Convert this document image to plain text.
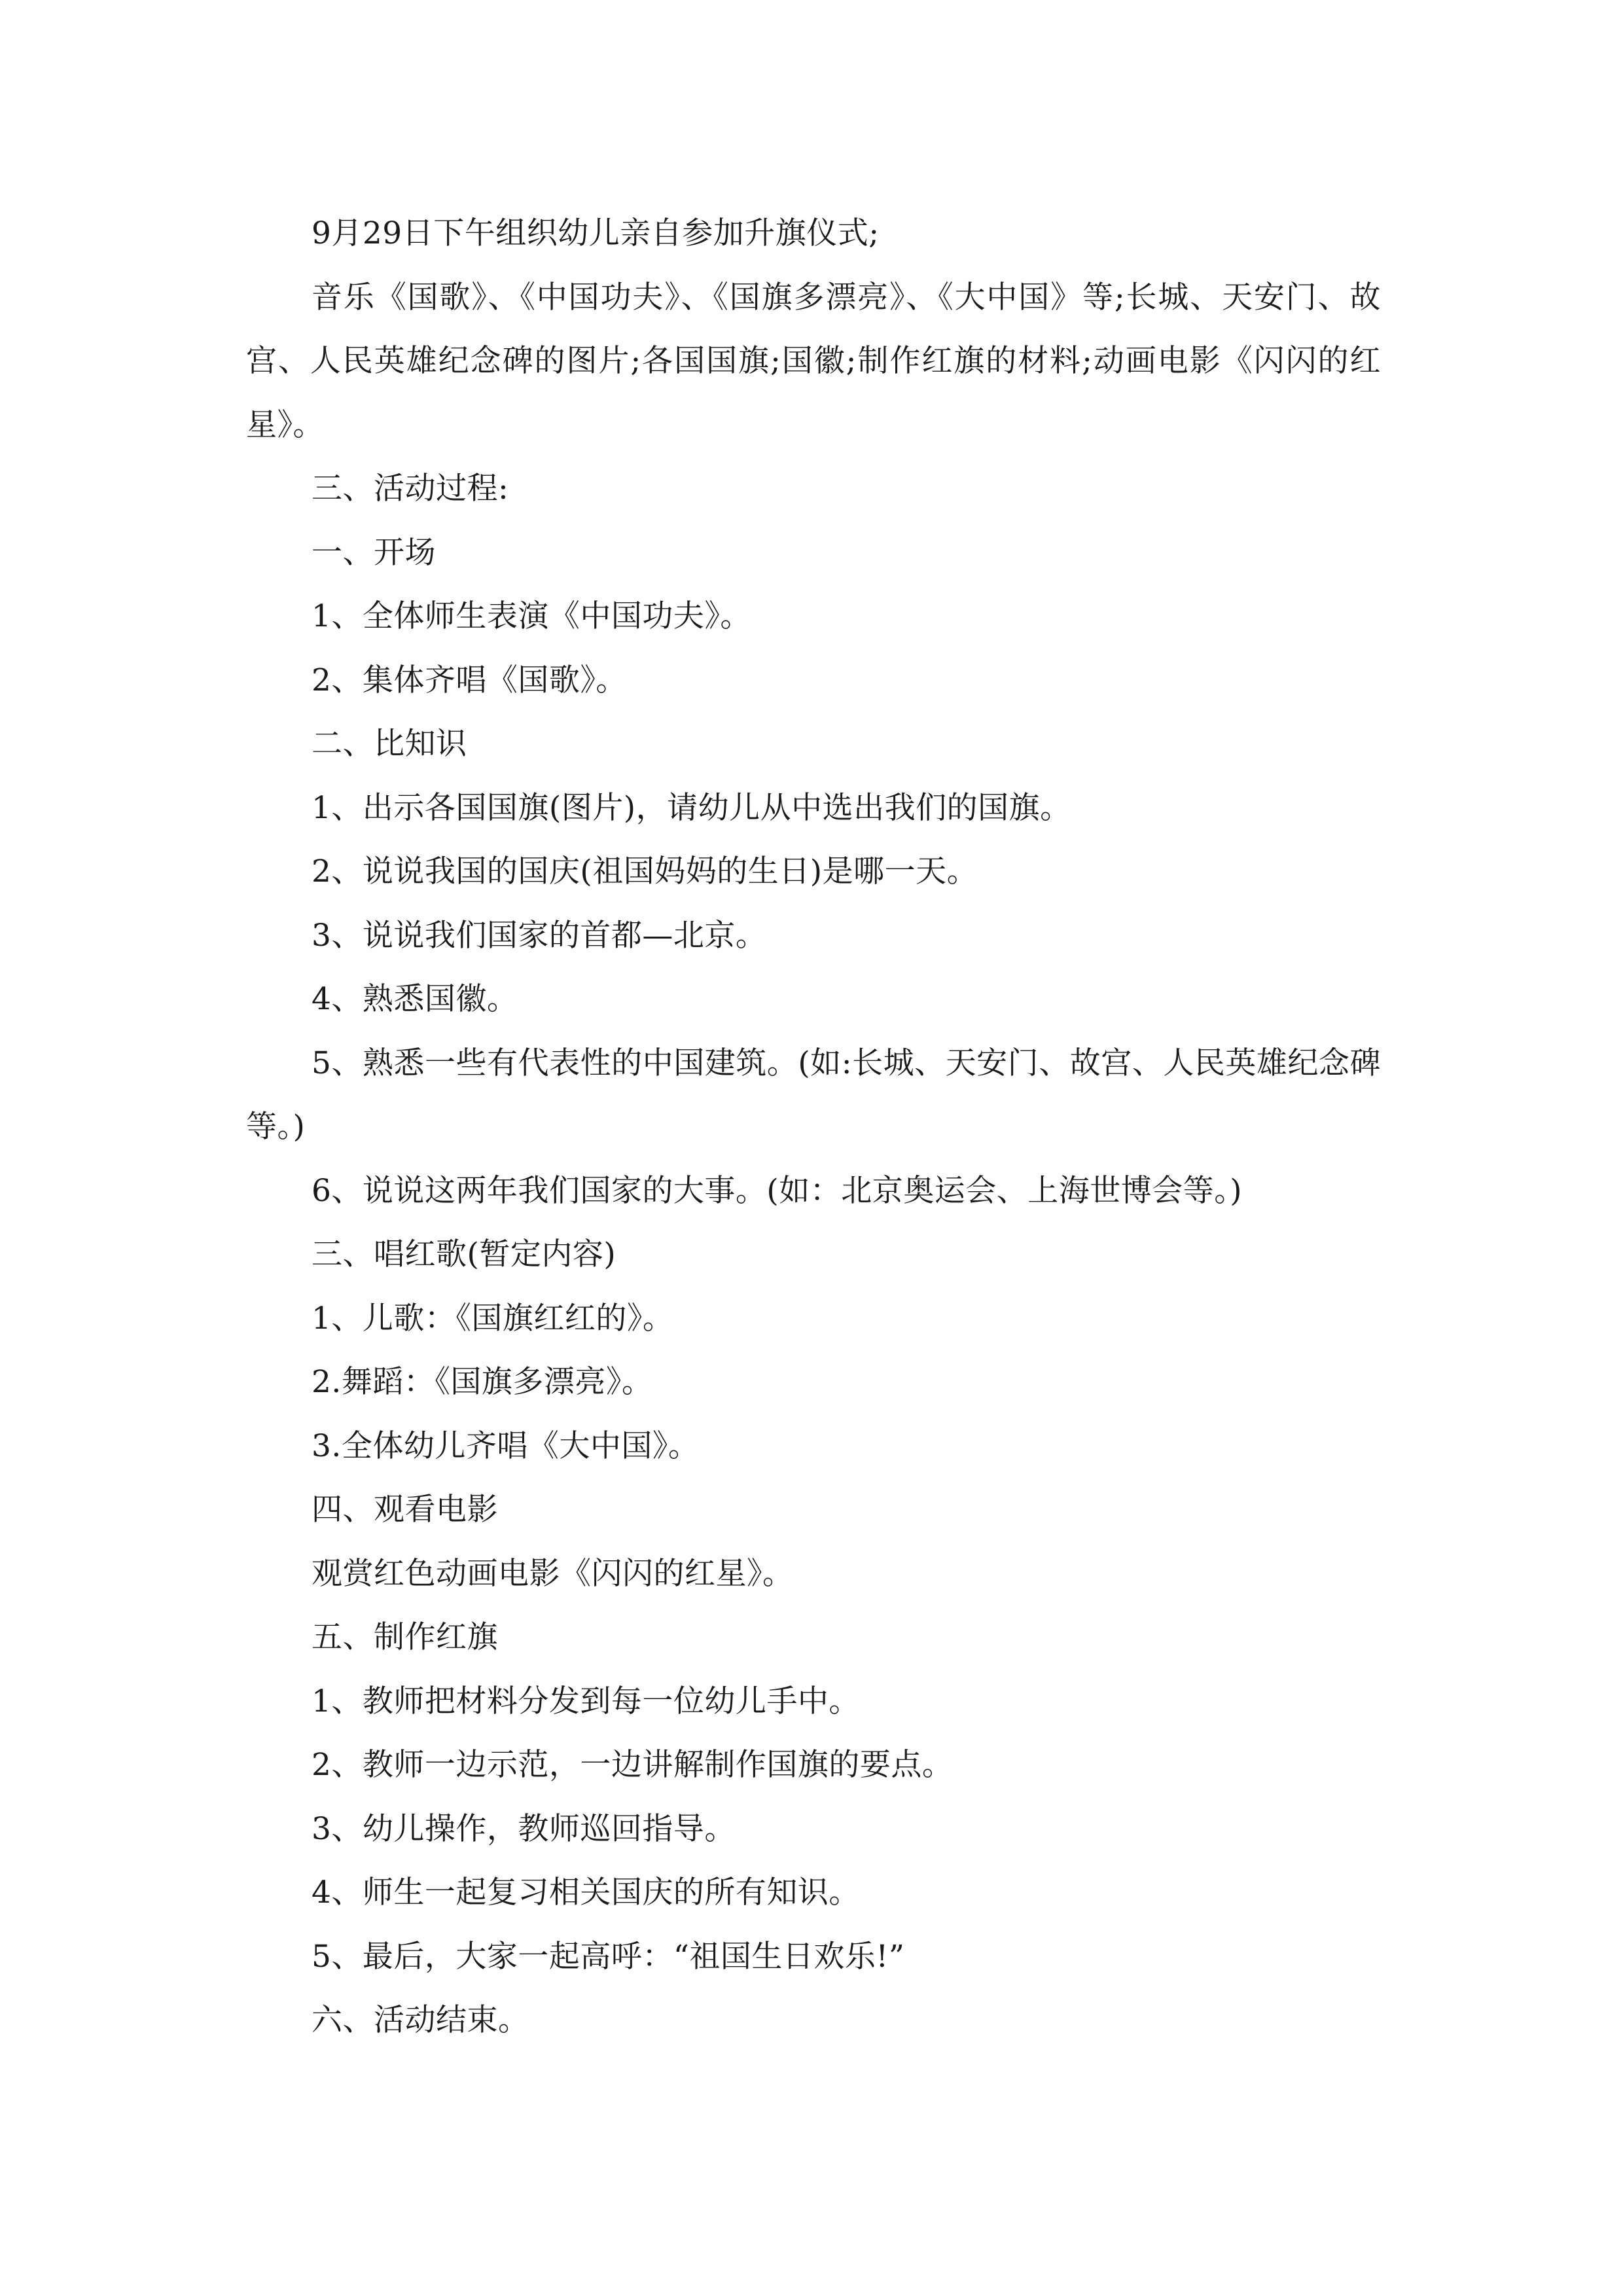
9月29日下午组织幼儿亲自参加升旗仪式;

音乐《国歌》、《中国功夫》、《国旗多漂亮》、《大中国》等;长城、天安门、故宫、人民英雄纪念碑的图片;各国国旗;国徽;制作红旗的材料;动画电影《闪闪的红星》。

三、活动过程:

一、开场

1、全体师生表演《中国功夫》。

2、集体齐唱《国歌》。

二、比知识

1、出示各国国旗(图片)，请幼儿从中选出我们的国旗。

2、说说我国的国庆(祖国妈妈的生日)是哪一天。

3、说说我们国家的首都—北京。

4、熟悉国徽。

5、熟悉一些有代表性的中国建筑。(如:长城、天安门、故宫、人民英雄纪念碑等。)

6、说说这两年我们国家的大事。(如：北京奥运会、上海世博会等。)

三、唱红歌(暂定内容)

1、儿歌：《国旗红红的》。

2.舞蹈：《国旗多漂亮》。

3.全体幼儿齐唱《大中国》。

四、观看电影

观赏红色动画电影《闪闪的红星》。

五、制作红旗

1、教师把材料分发到每一位幼儿手中。

2、教师一边示范，一边讲解制作国旗的要点。

3、幼儿操作，教师巡回指导。

4、师生一起复习相关国庆的所有知识。

5、最后，大家一起高呼：“祖国生日欢乐!”

六、活动结束。
